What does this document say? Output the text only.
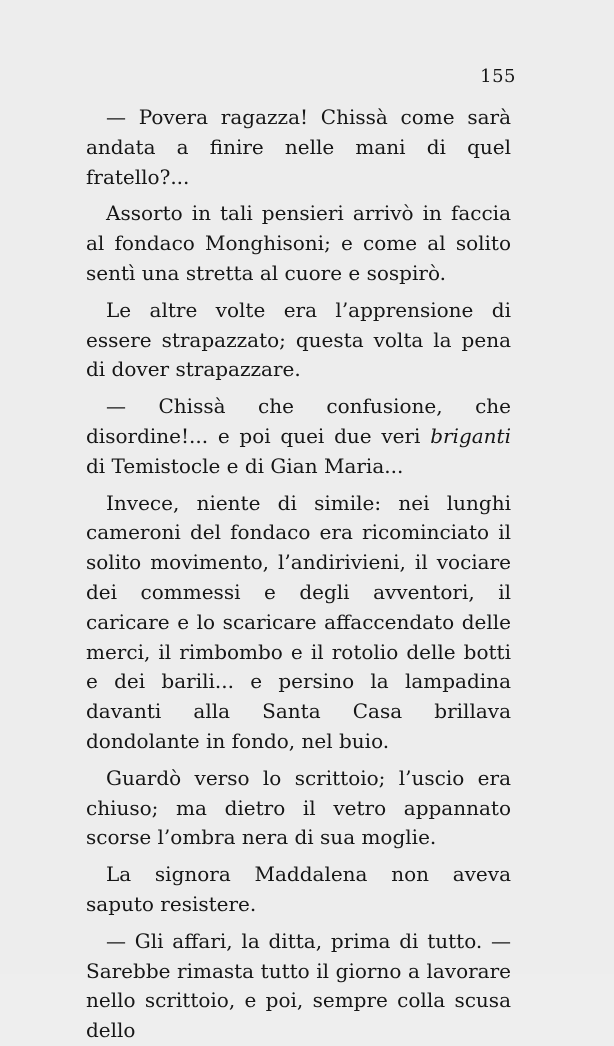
155

— Povera ragazza! Chissà come sarà andata a finire nelle mani di quel fratello?...

Assorto in tali pensieri arrivò in faccia al fondaco Monghisoni; e come al solito sentì una stretta al cuore e sospirò.

Le altre volte era l’apprensione di essere strapazzato; questa volta la pena di dover strapazzare.

— Chissà che confusione, che disordine!... e poi quei due veri briganti di Temistocle e di Gian Maria...

Invece, niente di simile: nei lunghi cameroni del fondaco era ricominciato il solito movimento, l’andirivieni, il vociare dei commessi e degli avventori, il caricare e lo scaricare affaccendato delle merci, il rimbombo e il rotolio delle botti e dei barili... e persino la lampadina davanti alla Santa Casa brillava dondolante in fondo, nel buio.

Guardò verso lo scrittoio; l’uscio era chiuso; ma dietro il vetro appannato scorse l’ombra nera di sua moglie.

La signora Maddalena non aveva saputo resistere.

— Gli affari, la ditta, prima di tutto. — Sarebbe rimasta tutto il giorno a lavorare nello scrittoio, e poi, sempre colla scusa dello
